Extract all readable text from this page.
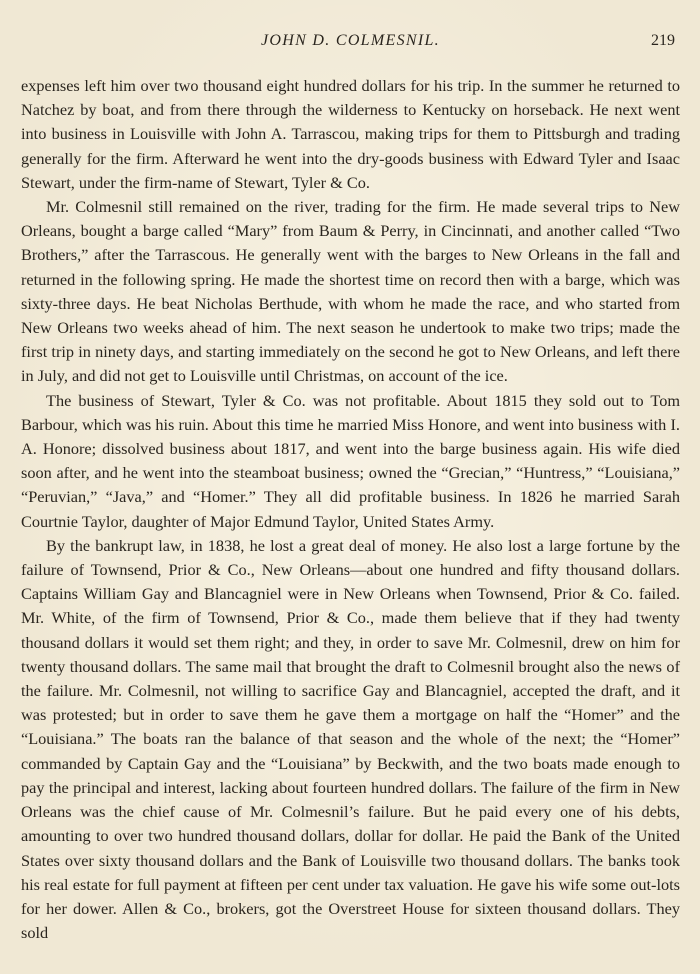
JOHN D. COLMESNIL.	219

expenses left him over two thousand eight hundred dollars for his trip. In the summer he returned to Natchez by boat, and from there through the wilderness to Kentucky on horseback. He next went into business in Louisville with John A. Tarrascou, making trips for them to Pittsburgh and trading generally for the firm. Afterward he went into the dry-goods business with Edward Tyler and Isaac Stewart, under the firm-name of Stewart, Tyler & Co.

Mr. Colmesnil still remained on the river, trading for the firm. He made several trips to New Orleans, bought a barge called “Mary” from Baum & Perry, in Cincinnati, and another called “Two Brothers,” after the Tarrascous. He generally went with the barges to New Orleans in the fall and returned in the following spring. He made the shortest time on record then with a barge, which was sixty-three days. He beat Nicholas Berthude, with whom he made the race, and who started from New Orleans two weeks ahead of him. The next season he undertook to make two trips; made the first trip in ninety days, and starting immediately on the second he got to New Orleans, and left there in July, and did not get to Louisville until Christmas, on account of the ice.

The business of Stewart, Tyler & Co. was not profitable. About 1815 they sold out to Tom Barbour, which was his ruin. About this time he married Miss Honore, and went into business with I. A. Honore; dissolved business about 1817, and went into the barge business again. His wife died soon after, and he went into the steamboat business; owned the “Grecian,” “Huntress,” “Louisiana,” “Peruvian,” “Java,” and “Homer.” They all did profitable business. In 1826 he married Sarah Courtnie Taylor, daughter of Major Edmund Taylor, United States Army.

By the bankrupt law, in 1838, he lost a great deal of money. He also lost a large fortune by the failure of Townsend, Prior & Co., New Orleans—about one hundred and fifty thousand dollars. Captains William Gay and Blancagniel were in New Orleans when Townsend, Prior & Co. failed. Mr. White, of the firm of Townsend, Prior & Co., made them believe that if they had twenty thousand dollars it would set them right; and they, in order to save Mr. Colmesnil, drew on him for twenty thousand dollars. The same mail that brought the draft to Colmesnil brought also the news of the failure. Mr. Colmesnil, not willing to sacrifice Gay and Blancagniel, accepted the draft, and it was protested; but in order to save them he gave them a mortgage on half the “Homer” and the “Louisiana.” The boats ran the balance of that season and the whole of the next; the “Homer” commanded by Captain Gay and the “Louisiana” by Beckwith, and the two boats made enough to pay the principal and interest, lacking about fourteen hundred dollars. The failure of the firm in New Orleans was the chief cause of Mr. Colmesnil’s failure. But he paid every one of his debts, amounting to over two hundred thousand dollars, dollar for dollar. He paid the Bank of the United States over sixty thousand dollars and the Bank of Louisville two thousand dollars. The banks took his real estate for full payment at fifteen per cent under tax valuation. He gave his wife some out-lots for her dower. Allen & Co., brokers, got the Overstreet House for sixteen thousand dollars. They sold
